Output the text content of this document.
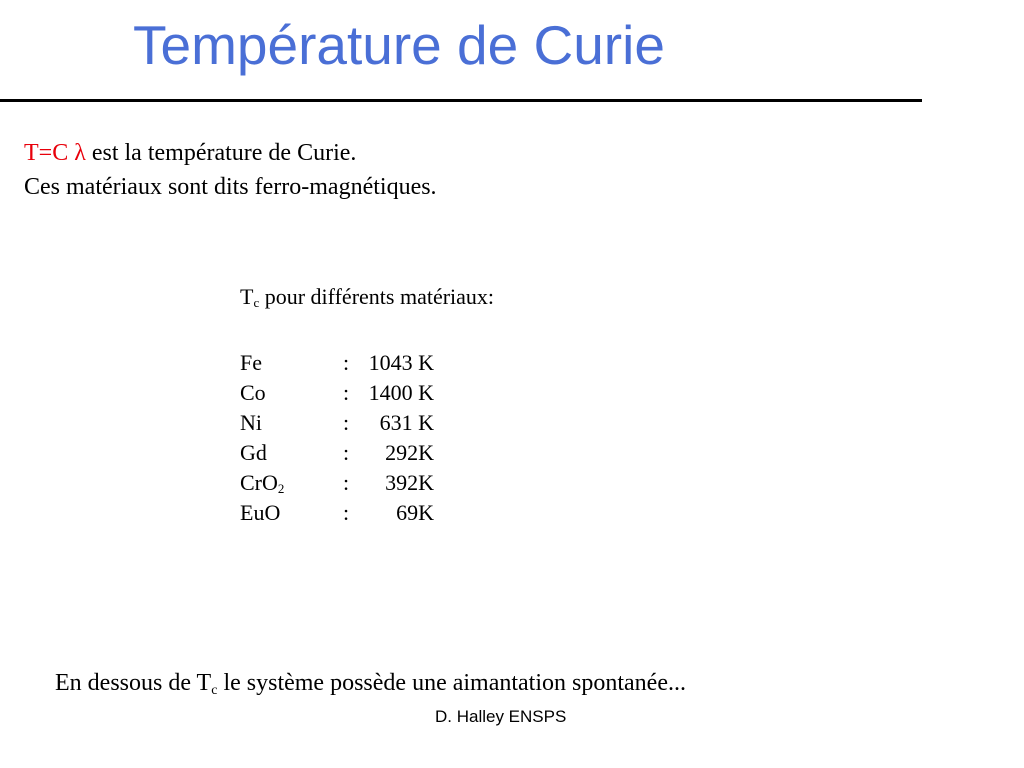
Température de Curie
T=C λ est la température de Curie.
Ces matériaux sont dits ferro-magnétiques.
$T_c$ pour différents matériaux:
Fe	: 1043 K
Co	: 1400 K
Ni	:	631 K
Gd	:	292K
CrO$_2$	:	392K
EuO	:	69K
En dessous de $T_c$ le système possède une aimantation spontanée...
D. Halley ENSPS
